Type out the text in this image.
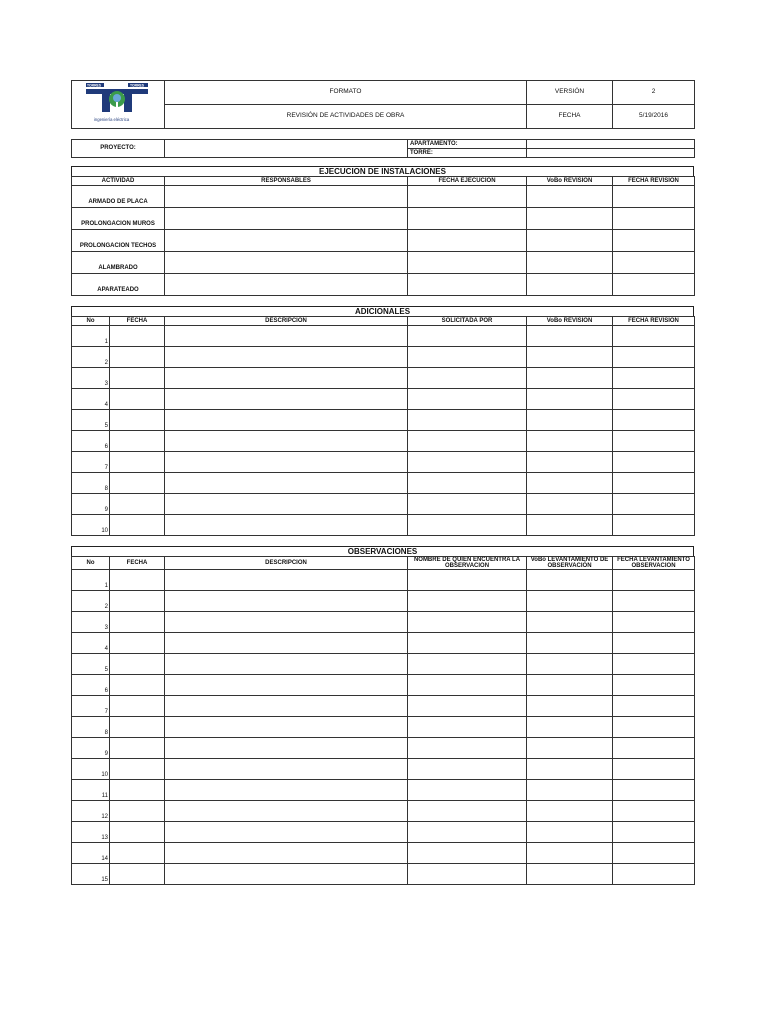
TORRES TORRES
ingeniería eléctrica	FORMATO	VERSIÓN	2
	REVISIÓN DE ACTIVIDADES DE OBRA	FECHA	5/19/2016
PROYECTO:		APARTAMENTO:	
		TORRE:	
EJECUCION DE INSTALACIONES
ACTIVIDAD	RESPONSABLES	FECHA EJECUCION	VoBo REVISION	FECHA REVISION
ARMADO DE PLACA				
PROLONGACION MUROS				
PROLONGACION TECHOS				
ALAMBRADO				
APARATEADO				
ADICIONALES
No	FECHA	DESCRIPCION	SOLICITADA POR	VoBo REVISION	FECHA REVISION
1					
2					
3					
4					
5					
6					
7					
8					
9					
10					
OBSERVACIONES
No	FECHA	DESCRIPCION	NOMBRE DE QUIEN ENCUENTRA LA OBSERVACION	VoBo LEVANTAMIENTO DE OBSERVACIÓN	FECHA LEVANTAMIENTO OBSERVACION
1					
2					
3					
4					
5					
6					
7					
8					
9					
10					
11					
12					
13					
14					
15					
